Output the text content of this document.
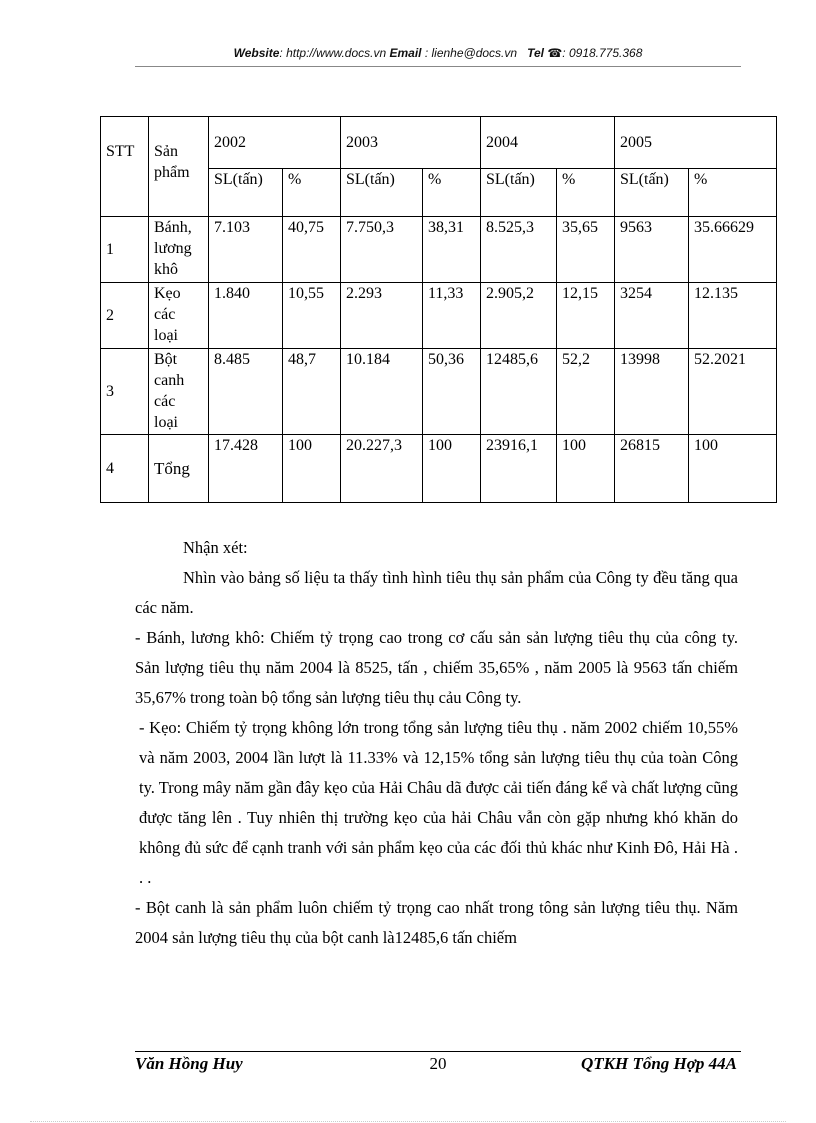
Website: http://www.docs.vn Email : lienhe@docs.vn Tel ☎: 0918.775.368
STT	Sản phẩm	2002		2003		2004		2005	
		SL(tấn)	%	SL(tấn)	%	SL(tấn)	%	SL(tấn)	%
1	Bánh, lương khô	7.103	40,75	7.750,3	38,31	8.525,3	35,65	9563	35.66629
2	Kẹo các loại	1.840	10,55	2.293	11,33	2.905,2	12,15	3254	12.135
3	Bột canh các loại	8.485	48,7	10.184	50,36	12485,6	52,2	13998	52.2021
4	Tổng	17.428	100	20.227,3	100	23916,1	100	26815	100

Nhận xét:

Nhìn vào bảng số liệu ta thấy tình hình tiêu thụ sản phẩm của Công ty đều tăng qua các năm.

- Bánh, lương khô: Chiếm tỷ trọng cao trong cơ cấu sản sản lượng tiêu thụ của công ty. Sản lượng tiêu thụ năm 2004 là 8525, tấn , chiếm 35,65% , năm 2005 là 9563 tấn chiếm 35,67% trong toàn bộ tổng sản lượng tiêu thụ cảu Công ty.

- Kẹo: Chiếm tỷ trọng không lớn trong tổng sản lượng tiêu thụ . năm 2002 chiếm 10,55% và năm 2003, 2004 lần lượt là 11.33% và 12,15% tổng sản lượng tiêu thụ của toàn Công ty. Trong mây năm gần đây kẹo của Hải Châu dã được cải tiến đáng kể và chất lượng cũng được tăng lên . Tuy nhiên thị trường kẹo của hải Châu vẫn còn gặp nhưng khó khăn do không đủ sức để cạnh tranh với sản phẩm kẹo của các đối thủ khác như Kinh Đô, Hải Hà . . .

- Bột canh là sản phẩm luôn chiếm tỷ trọng cao nhất trong tông sản lượng tiêu thụ. Năm 2004 sản lượng tiêu thụ của bột canh là12485,6 tấn chiếm

20
Văn Hồng Huy	QTKH Tổng Hợp 44A
